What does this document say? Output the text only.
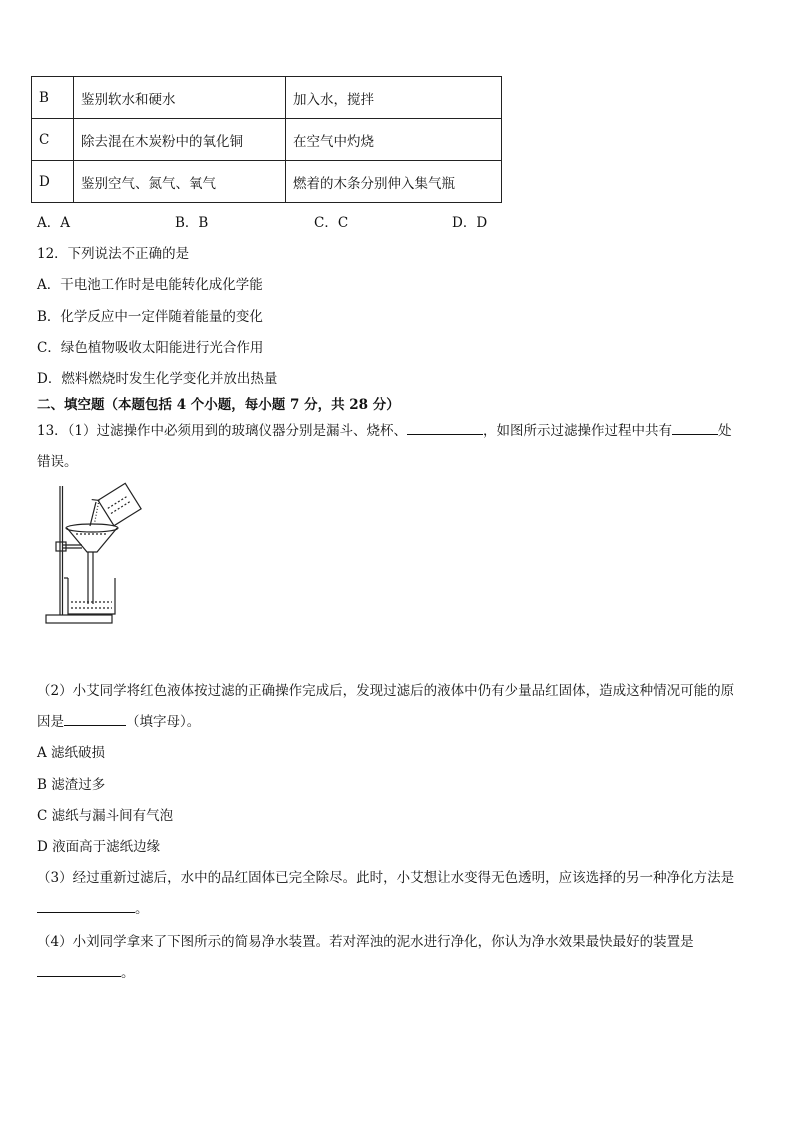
B	鉴别软水和硬水	加入水，搅拌
C	除去混在木炭粉中的氧化铜	在空气中灼烧
D	鉴别空气、氮气、氧气	燃着的木条分别伸入集气瓶
A．A	B．B	C．C	D．D
12．下列说法不正确的是
A．干电池工作时是电能转化成化学能
B．化学反应中一定伴随着能量的变化
C．绿色植物吸收太阳能进行光合作用
D．燃料燃烧时发生化学变化并放出热量
二、填空题（本题包括 4 个小题，每小题 7 分，共 28 分）
13．（1）过滤操作中必须用到的玻璃仪器分别是漏斗、烧杯、	，如图所示过滤操作过程中共有	处
错误。
（2）小艾同学将红色液体按过滤的正确操作完成后，发现过滤后的液体中仍有少量品红固体，造成这种情况可能的原
因是	（填字母）。
A 滤纸破损
B 滤渣过多
C 滤纸与漏斗间有气泡
D 液面高于滤纸边缘
（3）经过重新过滤后，水中的品红固体已完全除尽。此时，小艾想让水变得无色透明，应该选择的另一种净化方法是
。
（4）小刘同学拿来了下图所示的简易净水装置。若对浑浊的泥水进行净化，你认为净水效果最快最好的装置是
。
